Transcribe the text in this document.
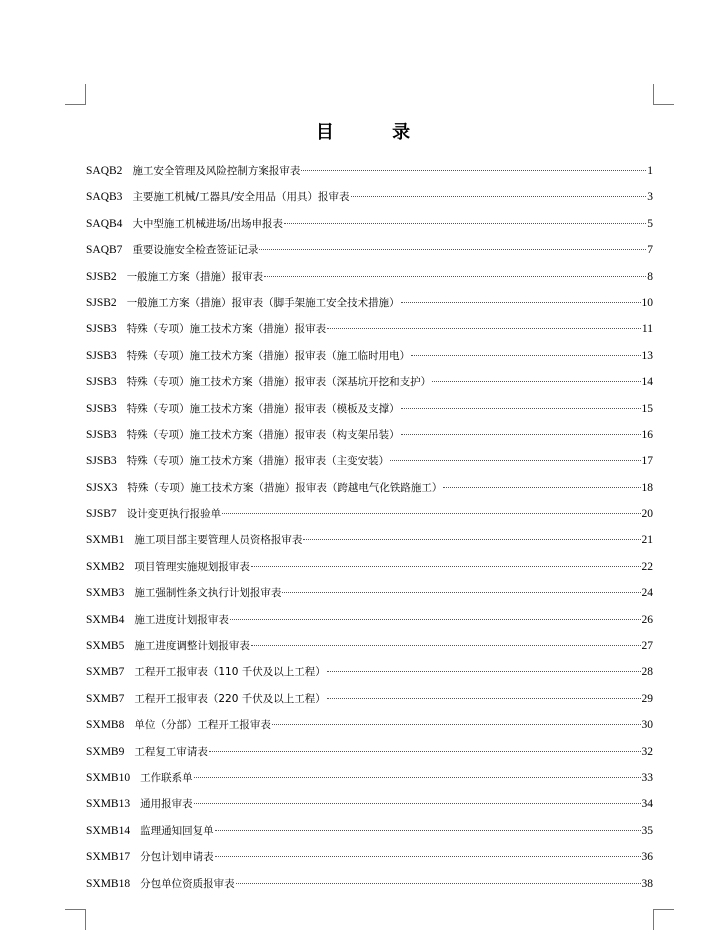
目 录
SAQB2 施工安全管理及风险控制方案报审表	1
SAQB3 主要施工机械/工器具/安全用品（用具）报审表	3
SAQB4 大中型施工机械进场/出场申报表	5
SAQB7 重要设施安全检查签证记录	7
SJSB2 一般施工方案（措施）报审表	8
SJSB2 一般施工方案（措施）报审表（脚手架施工安全技术措施）	10
SJSB3 特殊（专项）施工技术方案（措施）报审表	11
SJSB3 特殊（专项）施工技术方案（措施）报审表（施工临时用电）	13
SJSB3 特殊（专项）施工技术方案（措施）报审表（深基坑开挖和支护）	14
SJSB3 特殊（专项）施工技术方案（措施）报审表（模板及支撑）	15
SJSB3 特殊（专项）施工技术方案（措施）报审表（构支架吊装）	16
SJSB3 特殊（专项）施工技术方案（措施）报审表（主变安装）	17
SJSX3 特殊（专项）施工技术方案（措施）报审表（跨越电气化铁路施工）	18
SJSB7 设计变更执行报验单	20
SXMB1 施工项目部主要管理人员资格报审表	21
SXMB2 项目管理实施规划报审表	22
SXMB3 施工强制性条文执行计划报审表	24
SXMB4 施工进度计划报审表	26
SXMB5 施工进度调整计划报审表	27
SXMB7 工程开工报审表（110 千伏及以上工程）	28
SXMB7 工程开工报审表（220 千伏及以上工程）	29
SXMB8 单位（分部）工程开工报审表	30
SXMB9 工程复工审请表	32
SXMB10 工作联系单	33
SXMB13 通用报审表	34
SXMB14 监理通知回复单	35
SXMB17 分包计划申请表	36
SXMB18 分包单位资质报审表	38
